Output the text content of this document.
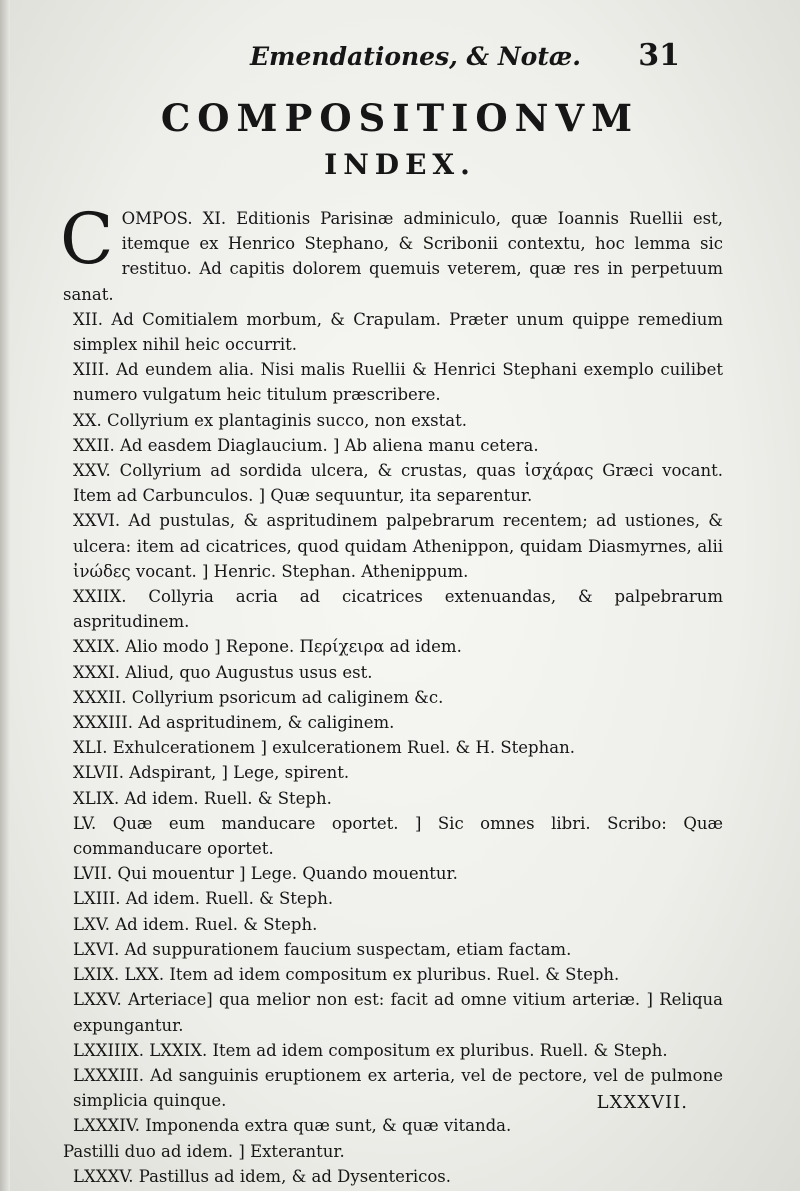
Emendationes, & Notæ. 31
COMPOSITIONVM
INDEX.

C OMPOS. XI. Editionis Parisinæ adminiculo, quæ Ioannis Ruellii est, itemque ex Henrico Stephano, & Scribonii contextu, hoc lemma sic restituo. Ad capitis dolorem quemuis veterem, quæ res in perpetuum sanat.

XII. Ad Comitialem morbum, & Crapulam. Præter unum quippe remedium simplex nihil heic occurrit.

XIII. Ad eundem alia. Nisi malis Ruellii & Henrici Stephani exemplo cuilibet numero vulgatum heic titulum præscribere.

XX. Collyrium ex plantaginis succo, non exstat.

XXII. Ad easdem Diaglaucium. ] Ab aliena manu cetera.

XXV. Collyrium ad sordida ulcera, & crustas, quas ἰσχάρας Græci vocant. Item ad Carbunculos. ] Quæ sequuntur, ita separentur.

XXVI. Ad pustulas, & aspritudinem palpebrarum recentem; ad ustiones, & ulcera: item ad cicatrices, quod quidam Athenippon, quidam Diasmyrnes, alii ἰνώδες vocant. ] Henric. Stephan. Athenippum.

XXIIX. Collyria acria ad cicatrices extenuandas, & palpebrarum aspritudinem.

XXIX. Alio modo ] Repone. Περίχειρα ad idem.

XXXI. Aliud, quo Augustus usus est.

XXXII. Collyrium psoricum ad caliginem &c.

XXXIII. Ad aspritudinem, & caliginem.

XLI. Exhulcerationem ] exulcerationem Ruel. & H. Stephan.

XLVII. Adspirant, ] Lege, spirent.

XLIX. Ad idem. Ruell. & Steph.

LV. Quæ eum manducare oportet. ] Sic omnes libri. Scribo: Quæ commanducare oportet.

LVII. Qui mouentur ] Lege. Quando mouentur.

LXIII. Ad idem. Ruell. & Steph.

LXV. Ad idem. Ruel. & Steph.

LXVI. Ad suppurationem faucium suspectam, etiam factam.

LXIX. LXX. Item ad idem compositum ex pluribus. Ruel. & Steph.

LXXV. Arteriace] qua melior non est: facit ad omne vitium arteriæ. ] Reliqua expungantur.

LXXIIIX. LXXIX. Item ad idem compositum ex pluribus. Ruell. & Steph.

LXXXIII. Ad sanguinis eruptionem ex arteria, vel de pectore, vel de pulmone simplicia quinque.

LXXXIV. Imponenda extra quæ sunt, & quæ vitanda.

Pastilli duo ad idem. ] Exterantur.

LXXXV. Pastillus ad idem, & ad Dysentericos.

LXXXVII.
